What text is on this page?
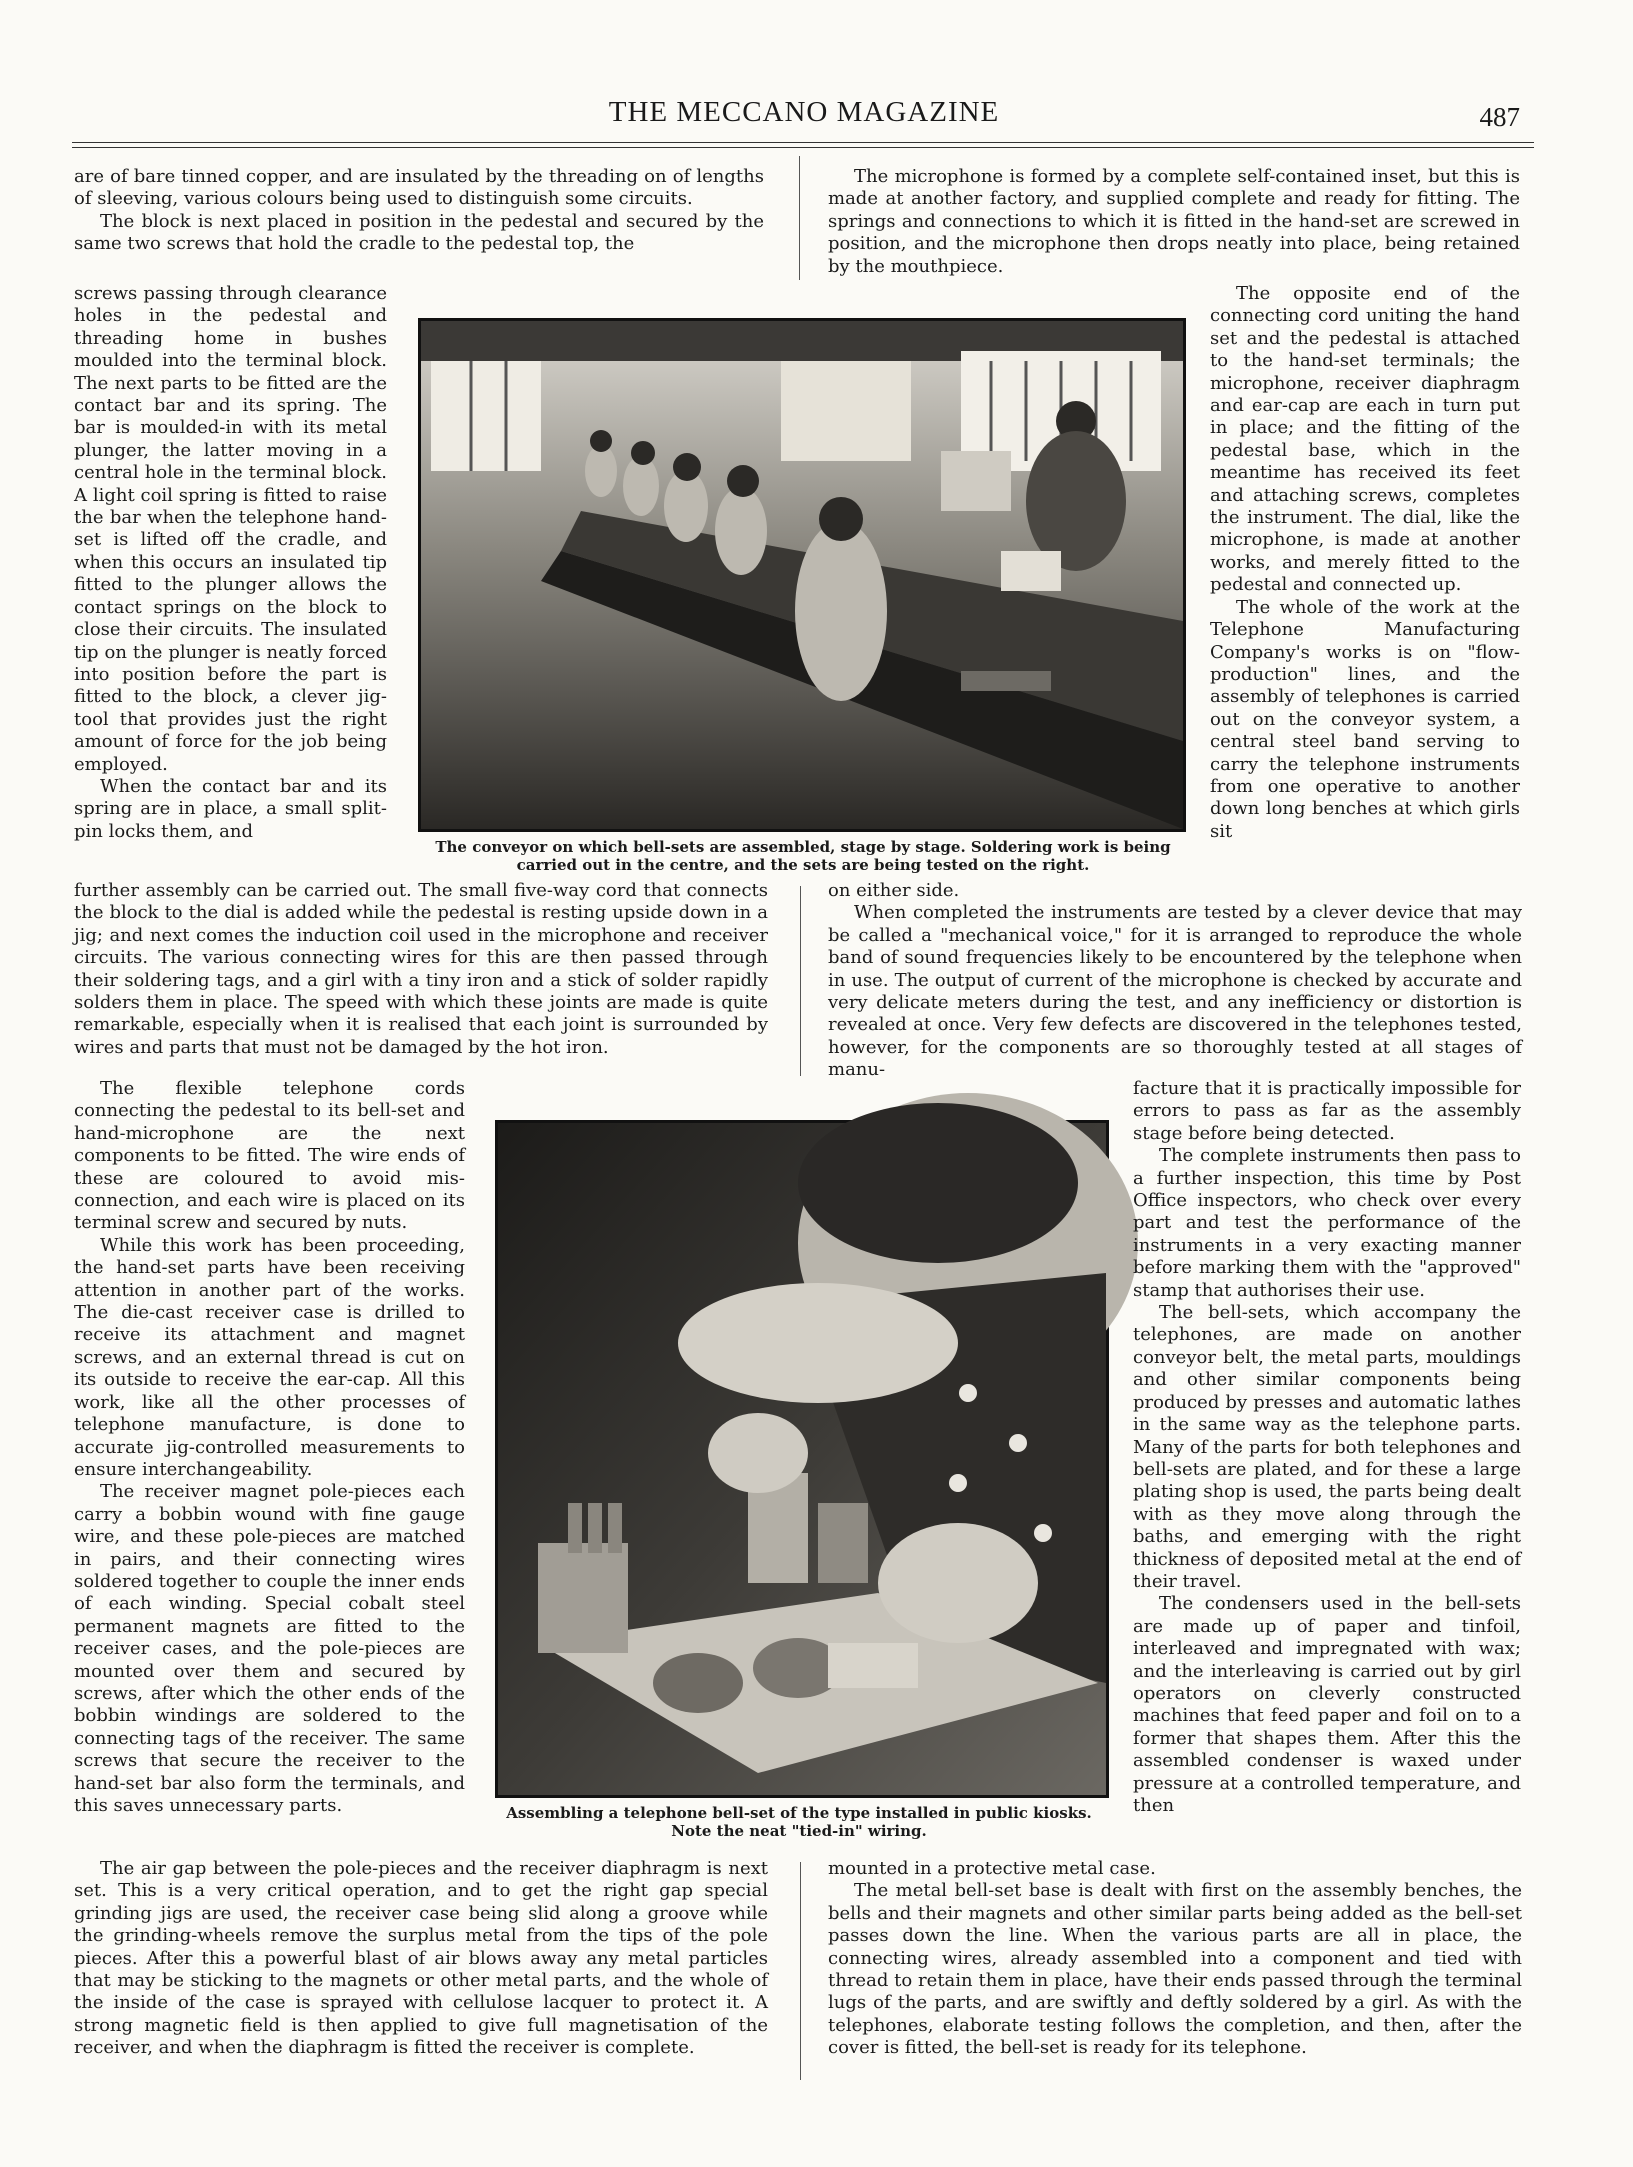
THE MECCANO MAGAZINE	487

are of bare tinned copper, and are insulated by the threading on of lengths of sleeving, various colours being used to distinguish some circuits.

The block is next placed in position in the pedestal and secured by the same two screws that hold the cradle to the pedestal top, the

screws passing through clearance holes in the pedestal and threading home in bushes moulded into the terminal block. The next parts to be fitted are the contact bar and its spring. The bar is moulded-in with its metal plunger, the latter moving in a central hole in the terminal block. A light coil spring is fitted to raise the bar when the telephone hand-set is lifted off the cradle, and when this occurs an insulated tip fitted to the plunger allows the contact springs on the block to close their circuits. The insulated tip on the plunger is neatly forced into position before the part is fitted to the block, a clever jig-tool that provides just the right amount of force for the job being employed.

When the contact bar and its spring are in place, a small split-pin locks them, and

The conveyor on which bell-sets are assembled, stage by stage. Soldering work is being carried out in the centre, and the sets are being tested on the right.

The microphone is formed by a complete self-contained inset, but this is made at another factory, and supplied complete and ready for fitting. The springs and connections to which it is fitted in the hand-set are screwed in position, and the microphone then drops neatly into place, being retained by the mouthpiece.

The opposite end of the connecting cord uniting the hand set and the pedestal is attached to the hand-set terminals; the microphone, receiver diaphragm and ear-cap are each in turn put in place; and the fitting of the pedestal base, which in the meantime has received its feet and attaching screws, completes the instrument. The dial, like the microphone, is made at another works, and merely fitted to the pedestal and connected up.

The whole of the work at the Telephone Manufacturing Company's works is on "flow-production" lines, and the assembly of telephones is carried out on the conveyor system, a central steel band serving to carry the telephone instruments from one operative to another down long benches at which girls sit

further assembly can be carried out. The small five-way cord that connects the block to the dial is added while the pedestal is resting upside down in a jig; and next comes the induction coil used in the microphone and receiver circuits. The various connecting wires for this are then passed through their soldering tags, and a girl with a tiny iron and a stick of solder rapidly solders them in place. The speed with which these joints are made is quite remarkable, especially when it is realised that each joint is surrounded by wires and parts that must not be damaged by the hot iron.

on either side.

When completed the instruments are tested by a clever device that may be called a "mechanical voice," for it is arranged to reproduce the whole band of sound frequencies likely to be encountered by the telephone when in use. The output of current of the microphone is checked by accurate and very delicate meters during the test, and any inefficiency or distortion is revealed at once. Very few defects are discovered in the telephones tested, however, for the components are so thoroughly tested at all stages of manu-

The flexible telephone cords connecting the pedestal to its bell-set and hand-microphone are the next components to be fitted. The wire ends of these are coloured to avoid mis-connection, and each wire is placed on its terminal screw and secured by nuts.

While this work has been proceeding, the hand-set parts have been receiving attention in another part of the works. The die-cast receiver case is drilled to receive its attachment and magnet screws, and an external thread is cut on its outside to receive the ear-cap. All this work, like all the other processes of telephone manufacture, is done to accurate jig-controlled measurements to ensure interchangeability.

The receiver magnet pole-pieces each carry a bobbin wound with fine gauge wire, and these pole-pieces are matched in pairs, and their connecting wires soldered together to couple the inner ends of each winding. Special cobalt steel permanent magnets are fitted to the receiver cases, and the pole-pieces are mounted over them and secured by screws, after which the other ends of the bobbin windings are soldered to the connecting tags of the receiver. The same screws that secure the receiver to the hand-set bar also form the terminals, and this saves unnecessary parts.	Assembling a telephone bell-set of the type installed in public kiosks. Note the neat "tied-in" wiring.

facture that it is practically impossible for errors to pass as far as the assembly stage before being detected.

The complete instruments then pass to a further inspection, this time by Post Office inspectors, who check over every part and test the performance of the instruments in a very exacting manner before marking them with the "approved" stamp that authorises their use.

The bell-sets, which accompany the telephones, are made on another conveyor belt, the metal parts, mouldings and other similar components being produced by presses and automatic lathes in the same way as the telephone parts. Many of the parts for both telephones and bell-sets are plated, and for these a large plating shop is used, the parts being dealt with as they move along through the baths, and emerging with the right thickness of deposited metal at the end of their travel.

The condensers used in the bell-sets are made up of paper and tinfoil, interleaved and impregnated with wax; and the interleaving is carried out by girl operators on cleverly constructed machines that feed paper and foil on to a former that shapes them. After this the assembled condenser is waxed under pressure at a controlled temperature, and then

The air gap between the pole-pieces and the receiver diaphragm is next set. This is a very critical operation, and to get the right gap special grinding jigs are used, the receiver case being slid along a groove while the grinding-wheels remove the surplus metal from the tips of the pole pieces. After this a powerful blast of air blows away any metal particles that may be sticking to the magnets or other metal parts, and the whole of the inside of the case is sprayed with cellulose lacquer to protect it. A strong magnetic field is then applied to give full magnetisation of the receiver, and when the diaphragm is fitted the receiver is complete.

mounted in a protective metal case.

The metal bell-set base is dealt with first on the assembly benches, the bells and their magnets and other similar parts being added as the bell-set passes down the line. When the various parts are all in place, the connecting wires, already assembled into a component and tied with thread to retain them in place, have their ends passed through the terminal lugs of the parts, and are swiftly and deftly soldered by a girl. As with the telephones, elaborate testing follows the completion, and then, after the cover is fitted, the bell-set is ready for its telephone.
